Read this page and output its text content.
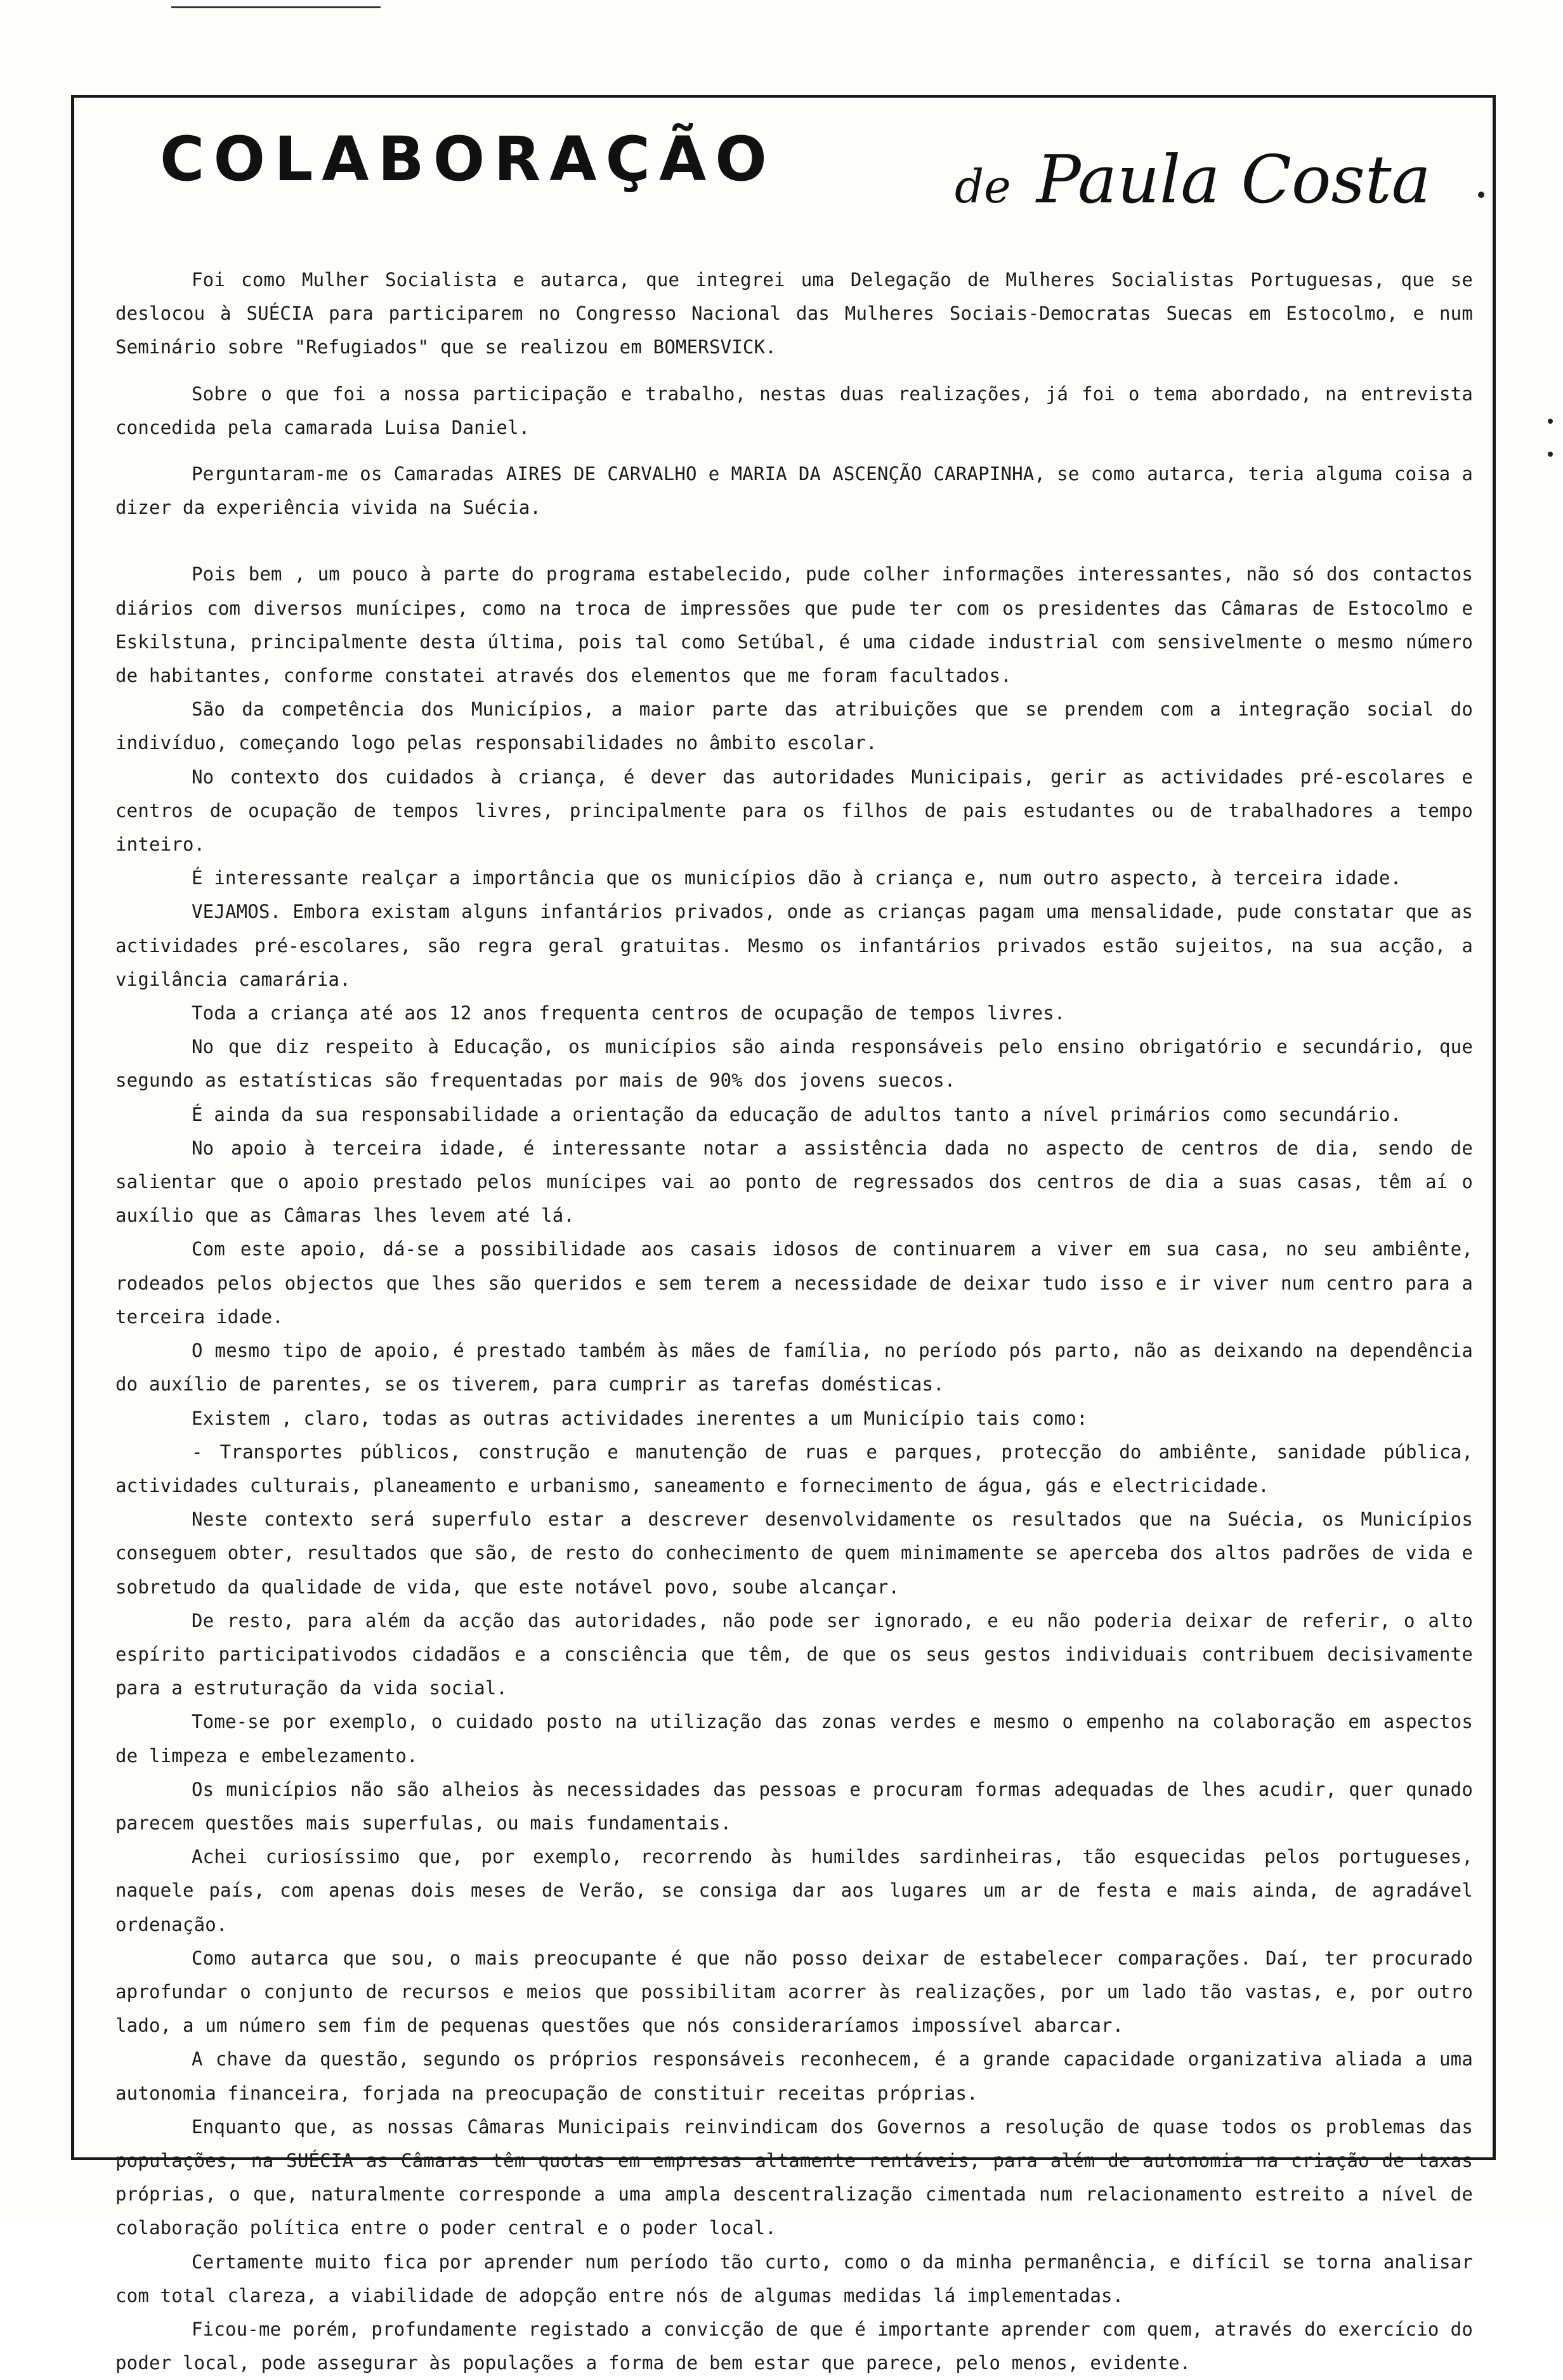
COLABORAÇÃO	de Paula Costa

Foi como Mulher Socialista e autarca, que integrei uma Delegação de Mulheres Socialistas Portuguesas, que se deslocou à SUÉCIA para participarem no Congresso Nacional das Mulheres Sociais-Democratas Suecas em Estocolmo, e num Seminário sobre "Refugiados" que se realizou em BOMERSVICK.

Sobre o que foi a nossa participação e trabalho, nestas duas realizações, já foi o tema abordado, na entrevista concedida pela camarada Luisa Daniel.

Perguntaram-me os Camaradas AIRES DE CARVALHO e MARIA DA ASCENÇÃO CARAPINHA, se como autarca, teria alguma coisa a dizer da experiência vivida na Suécia.

Pois bem , um pouco à parte do programa estabelecido, pude colher informações interessantes, não só dos contactos diários com diversos munícipes, como na troca de impressões que pude ter com os presidentes das Câmaras de Estocolmo e Eskilstuna, principalmente desta última, pois tal como Setúbal, é uma cidade industrial com sensivelmente o mesmo número de habitantes, conforme constatei através dos elementos que me foram facultados.

São da competência dos Municípios, a maior parte das atribuições que se prendem com a integração social do indivíduo, começando logo pelas responsabilidades no âmbito escolar.

No contexto dos cuidados à criança, é dever das autoridades Municipais, gerir as actividades pré-escolares e centros de ocupação de tempos livres, principalmente para os filhos de pais estudantes ou de trabalhadores a tempo inteiro.

É interessante realçar a importância que os municípios dão à criança e, num outro aspecto, à terceira idade.

VEJAMOS. Embora existam alguns infantários privados, onde as crianças pagam uma mensalidade, pude constatar que as actividades pré-escolares, são regra geral gratuitas. Mesmo os infantários privados estão sujeitos, na sua acção, a vigilância camarária.

Toda a criança até aos 12 anos frequenta centros de ocupação de tempos livres.

No que diz respeito à Educação, os municípios são ainda responsáveis pelo ensino obrigatório e secundário, que segundo as estatísticas são frequentadas por mais de 90% dos jovens suecos.

É ainda da sua responsabilidade a orientação da educação de adultos tanto a nível primários como secundário.

No apoio à terceira idade, é interessante notar a assistência dada no aspecto de centros de dia, sendo de salientar que o apoio prestado pelos munícipes vai ao ponto de regressados dos centros de dia a suas casas, têm aí o auxílio que as Câmaras lhes levem até lá.

Com este apoio, dá-se a possibilidade aos casais idosos de continuarem a viver em sua casa, no seu ambiênte, rodeados pelos objectos que lhes são queridos e sem terem a necessidade de deixar tudo isso e ir viver num centro para a terceira idade.

O mesmo tipo de apoio, é prestado também às mães de família, no período pós parto, não as deixando na dependência do auxílio de parentes, se os tiverem, para cumprir as tarefas domésticas.

Existem , claro, todas as outras actividades inerentes a um Município tais como:

- Transportes públicos, construção e manutenção de ruas e parques, protecção do ambiênte, sanidade pública, actividades culturais, planeamento e urbanismo, saneamento e fornecimento de água, gás e electricidade.

Neste contexto será superfulo estar a descrever desenvolvidamente os resultados que na Suécia, os Municípios conseguem obter, resultados que são, de resto do conhecimento de quem minimamente se aperceba dos altos padrões de vida e sobretudo da qualidade de vida, que este notável povo, soube alcançar.

De resto, para além da acção das autoridades, não pode ser ignorado, e eu não poderia deixar de referir, o alto espírito participativodos cidadãos e a consciência que têm, de que os seus gestos individuais contribuem decisivamente para a estruturação da vida social.

Tome-se por exemplo, o cuidado posto na utilização das zonas verdes e mesmo o empenho na colaboração em aspectos de limpeza e embelezamento.

Os municípios não são alheios às necessidades das pessoas e procuram formas adequadas de lhes acudir, quer qunado parecem questões mais superfulas, ou mais fundamentais.

Achei curiosíssimo que, por exemplo, recorrendo às humildes sardinheiras, tão esquecidas pelos portugueses, naquele país, com apenas dois meses de Verão, se consiga dar aos lugares um ar de festa e mais ainda, de agradável ordenação.

Como autarca que sou, o mais preocupante é que não posso deixar de estabelecer comparações. Daí, ter procurado aprofundar o conjunto de recursos e meios que possibilitam acorrer às realizações, por um lado tão vastas, e, por outro lado, a um número sem fim de pequenas questões que nós consideraríamos impossível abarcar.

A chave da questão, segundo os próprios responsáveis reconhecem, é a grande capacidade organizativa aliada a uma autonomia financeira, forjada na preocupação de constituir receitas próprias.

Enquanto que, as nossas Câmaras Municipais reinvindicam dos Governos a resolução de quase todos os problemas das populações, na SUÉCIA as Câmaras têm quotas em empresas altamente rentáveis, para além de autonomia na criação de taxas próprias, o que, naturalmente corresponde a uma ampla descentralização cimentada num relacionamento estreito a nível de colaboração política entre o poder central e o poder local.

Certamente muito fica por aprender num período tão curto, como o da minha permanência, e difícil se torna analisar com total clareza, a viabilidade de adopção entre nós de algumas medidas lá implementadas.

Ficou-me porém, profundamente registado a convicção de que é importante aprender com quem, através do exercício do poder local, pode assegurar às populações a forma de bem estar que parece, pelo menos, evidente.
